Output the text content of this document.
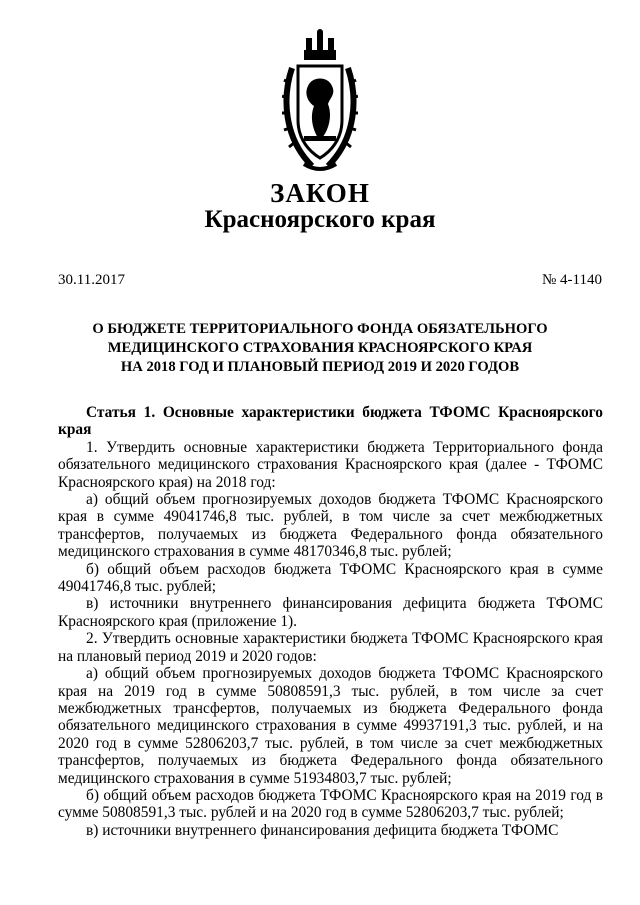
ЗАКОН
Красноярского края
30.11.2017	№ 4-1140
О БЮДЖЕТЕ ТЕРРИТОРИАЛЬНОГО ФОНДА ОБЯЗАТЕЛЬНОГО
МЕДИЦИНСКОГО СТРАХОВАНИЯ КРАСНОЯРСКОГО КРАЯ
НА 2018 ГОД И ПЛАНОВЫЙ ПЕРИОД 2019 И 2020 ГОДОВ

Статья 1. Основные характеристики бюджета ТФОМС Красноярского края

1. Утвердить основные характеристики бюджета Территориального фонда обязательного медицинского страхования Красноярского края (далее - ТФОМС Красноярского края) на 2018 год:

а) общий объем прогнозируемых доходов бюджета ТФОМС Красноярского края в сумме 49041746,8 тыс. рублей, в том числе за счет межбюджетных трансфертов, получаемых из бюджета Федерального фонда обязательного медицинского страхования в сумме 48170346,8 тыс. рублей;

б) общий объем расходов бюджета ТФОМС Красноярского края в сумме 49041746,8 тыс. рублей;

в) источники внутреннего финансирования дефицита бюджета ТФОМС Красноярского края (приложение 1).

2. Утвердить основные характеристики бюджета ТФОМС Красноярского края на плановый период 2019 и 2020 годов:

а) общий объем прогнозируемых доходов бюджета ТФОМС Красноярского края на 2019 год в сумме 50808591,3 тыс. рублей, в том числе за счет межбюджетных трансфертов, получаемых из бюджета Федерального фонда обязательного медицинского страхования в сумме 49937191,3 тыс. рублей, и на 2020 год в сумме 52806203,7 тыс. рублей, в том числе за счет межбюджетных трансфертов, получаемых из бюджета Федерального фонда обязательного медицинского страхования в сумме 51934803,7 тыс. рублей;

б) общий объем расходов бюджета ТФОМС Красноярского края на 2019 год в сумме 50808591,3 тыс. рублей и на 2020 год в сумме 52806203,7 тыс. рублей;

в) источники внутреннего финансирования дефицита бюджета ТФОМС
